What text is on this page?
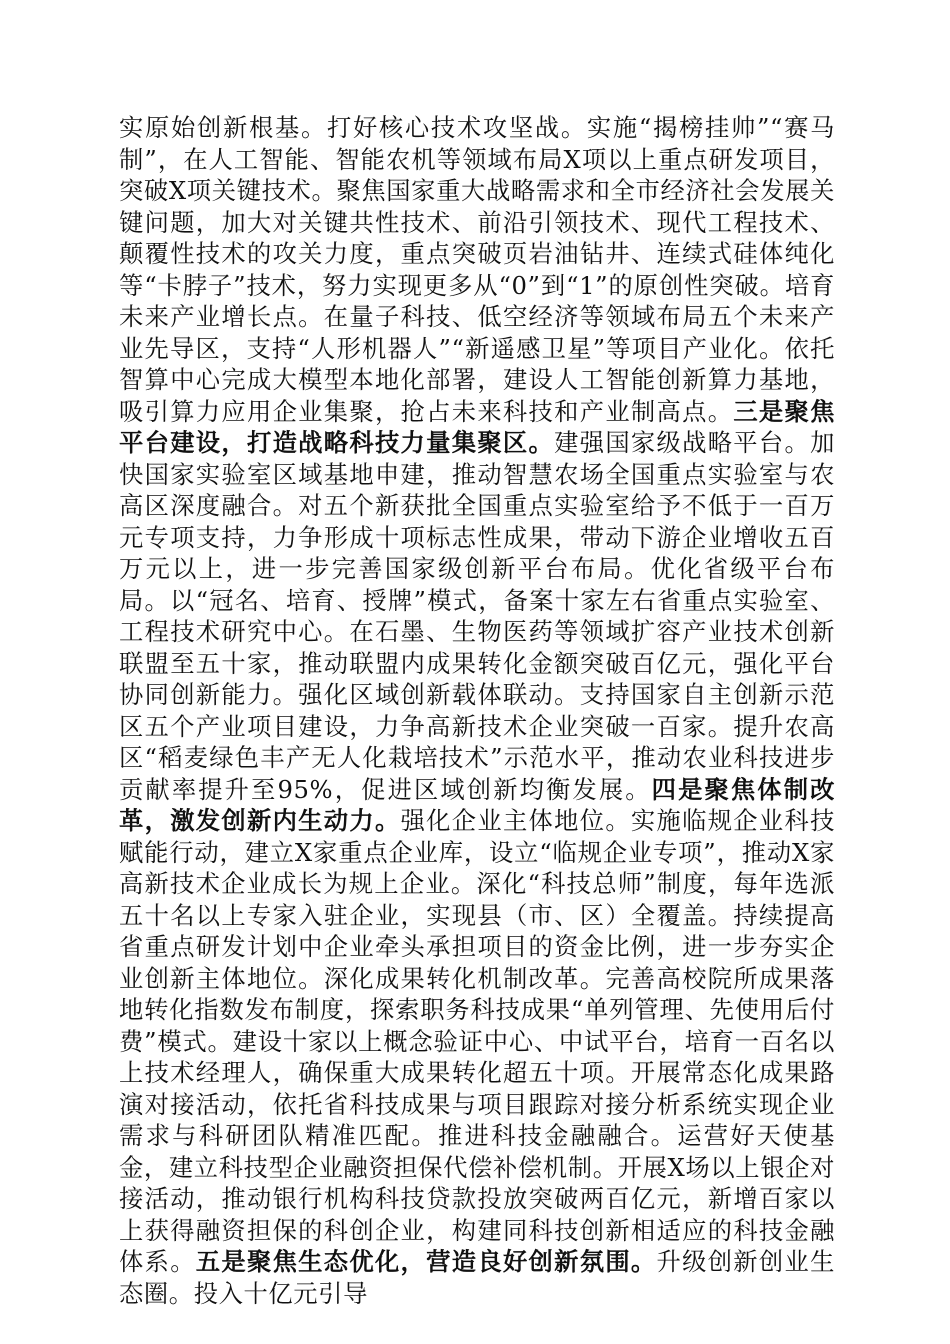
实原始创新根基。打好核心技术攻坚战。实施“揭榜挂帅”“赛马制”，在人工智能、智能农机等领域布局X项以上重点研发项目，突破X项关键技术。聚焦国家重大战略需求和全市经济社会发展关键问题，加大对关键共性技术、前沿引领技术、现代工程技术、颠覆性技术的攻关力度，重点突破页岩油钻井、连续式硅体纯化等“卡脖子”技术，努力实现更多从“0”到“1”的原创性突破。培育未来产业增长点。在量子科技、低空经济等领域布局五个未来产业先导区，支持“人形机器人”“新遥感卫星”等项目产业化。依托智算中心完成大模型本地化部署，建设人工智能创新算力基地，吸引算力应用企业集聚，抢占未来科技和产业制高点。三是聚焦平台建设，打造战略科技力量集聚区。建强国家级战略平台。加快国家实验室区域基地申建，推动智慧农场全国重点实验室与农高区深度融合。对五个新获批全国重点实验室给予不低于一百万元专项支持，力争形成十项标志性成果，带动下游企业增收五百万元以上，进一步完善国家级创新平台布局。优化省级平台布局。以“冠名、培育、授牌”模式，备案十家左右省重点实验室、工程技术研究中心。在石墨、生物医药等领域扩容产业技术创新联盟至五十家，推动联盟内成果转化金额突破百亿元，强化平台协同创新能力。强化区域创新载体联动。支持国家自主创新示范区五个产业项目建设，力争高新技术企业突破一百家。提升农高区“稻麦绿色丰产无人化栽培技术”示范水平，推动农业科技进步贡献率提升至95%，促进区域创新均衡发展。四是聚焦体制改革，激发创新内生动力。强化企业主体地位。实施临规企业科技赋能行动，建立X家重点企业库，设立“临规企业专项”，推动X家高新技术企业成长为规上企业。深化“科技总师”制度，每年选派五十名以上专家入驻企业，实现县（市、区）全覆盖。持续提高省重点研发计划中企业牵头承担项目的资金比例，进一步夯实企业创新主体地位。深化成果转化机制改革。完善高校院所成果落地转化指数发布制度，探索职务科技成果“单列管理、先使用后付费”模式。建设十家以上概念验证中心、中试平台，培育一百名以上技术经理人，确保重大成果转化超五十项。开展常态化成果路演对接活动，依托省科技成果与项目跟踪对接分析系统实现企业需求与科研团队精准匹配。推进科技金融融合。运营好天使基金，建立科技型企业融资担保代偿补偿机制。开展X场以上银企对接活动，推动银行机构科技贷款投放突破两百亿元，新增百家以上获得融资担保的科创企业，构建同科技创新相适应的科技金融体系。五是聚焦生态优化，营造良好创新氛围。升级创新创业生态圈。投入十亿元引导
